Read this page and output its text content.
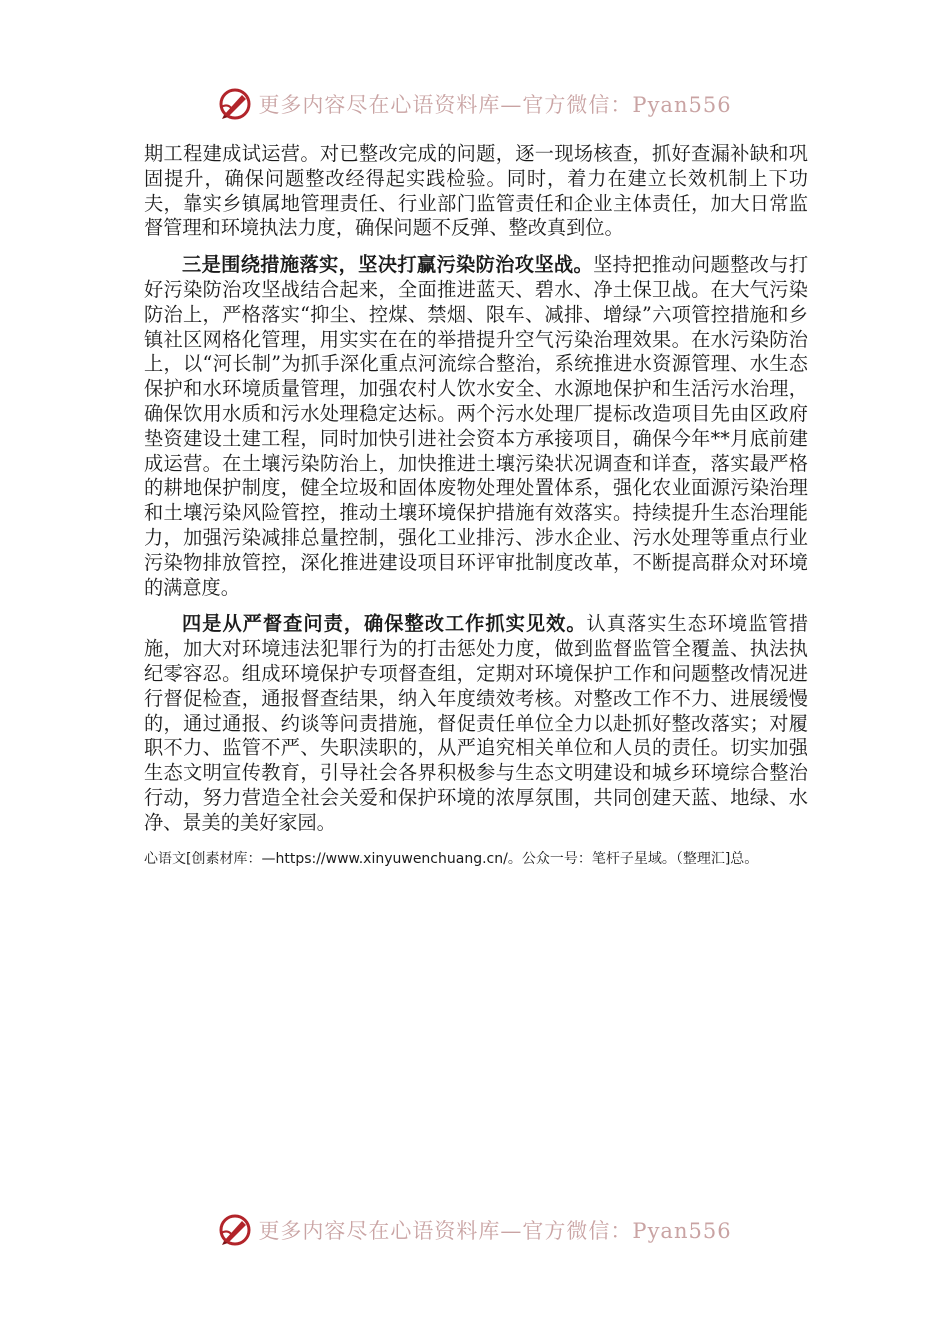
更多内容尽在心语资料库—官方微信：Pyan556

期工程建成试运营。对已整改完成的问题，逐一现场核查，抓好查漏补缺和巩固提升，确保问题整改经得起实践检验。同时，着力在建立长效机制上下功夫，靠实乡镇属地管理责任、行业部门监管责任和企业主体责任，加大日常监督管理和环境执法力度，确保问题不反弹、整改真到位。

三是围绕措施落实，坚决打赢污染防治攻坚战。坚持把推动问题整改与打好污染防治攻坚战结合起来，全面推进蓝天、碧水、净土保卫战。在大气污染防治上，严格落实“抑尘、控煤、禁烟、限车、减排、增绿”六项管控措施和乡镇社区网格化管理，用实实在在的举措提升空气污染治理效果。在水污染防治上，以“河长制”为抓手深化重点河流综合整治，系统推进水资源管理、水生态保护和水环境质量管理，加强农村人饮水安全、水源地保护和生活污水治理，确保饮用水质和污水处理稳定达标。两个污水处理厂提标改造项目先由区政府垫资建设土建工程，同时加快引进社会资本方承接项目，确保今年**月底前建成运营。在土壤污染防治上，加快推进土壤污染状况调查和详查，落实最严格的耕地保护制度，健全垃圾和固体废物处理处置体系，强化农业面源污染治理和土壤污染风险管控，推动土壤环境保护措施有效落实。持续提升生态治理能力，加强污染减排总量控制，强化工业排污、涉水企业、污水处理等重点行业污染物排放管控，深化推进建设项目环评审批制度改革，不断提高群众对环境的满意度。

四是从严督查问责，确保整改工作抓实见效。认真落实生态环境监管措施，加大对环境违法犯罪行为的打击惩处力度，做到监督监管全覆盖、执法执纪零容忍。组成环境保护专项督查组，定期对环境保护工作和问题整改情况进行督促检查，通报督查结果，纳入年度绩效考核。对整改工作不力、进展缓慢的，通过通报、约谈等问责措施，督促责任单位全力以赴抓好整改落实；对履职不力、监管不严、失职渎职的，从严追究相关单位和人员的责任。切实加强生态文明宣传教育，引导社会各界积极参与生态文明建设和城乡环境综合整治行动，努力营造全社会关爱和保护环境的浓厚氛围，共同创建天蓝、地绿、水净、景美的美好家园。

心语文[创素材库：—https://www.xinyuwenchuang.cn/。公众一号：笔杆子星域。（整理汇]总。
更多内容尽在心语资料库—官方微信：Pyan556
